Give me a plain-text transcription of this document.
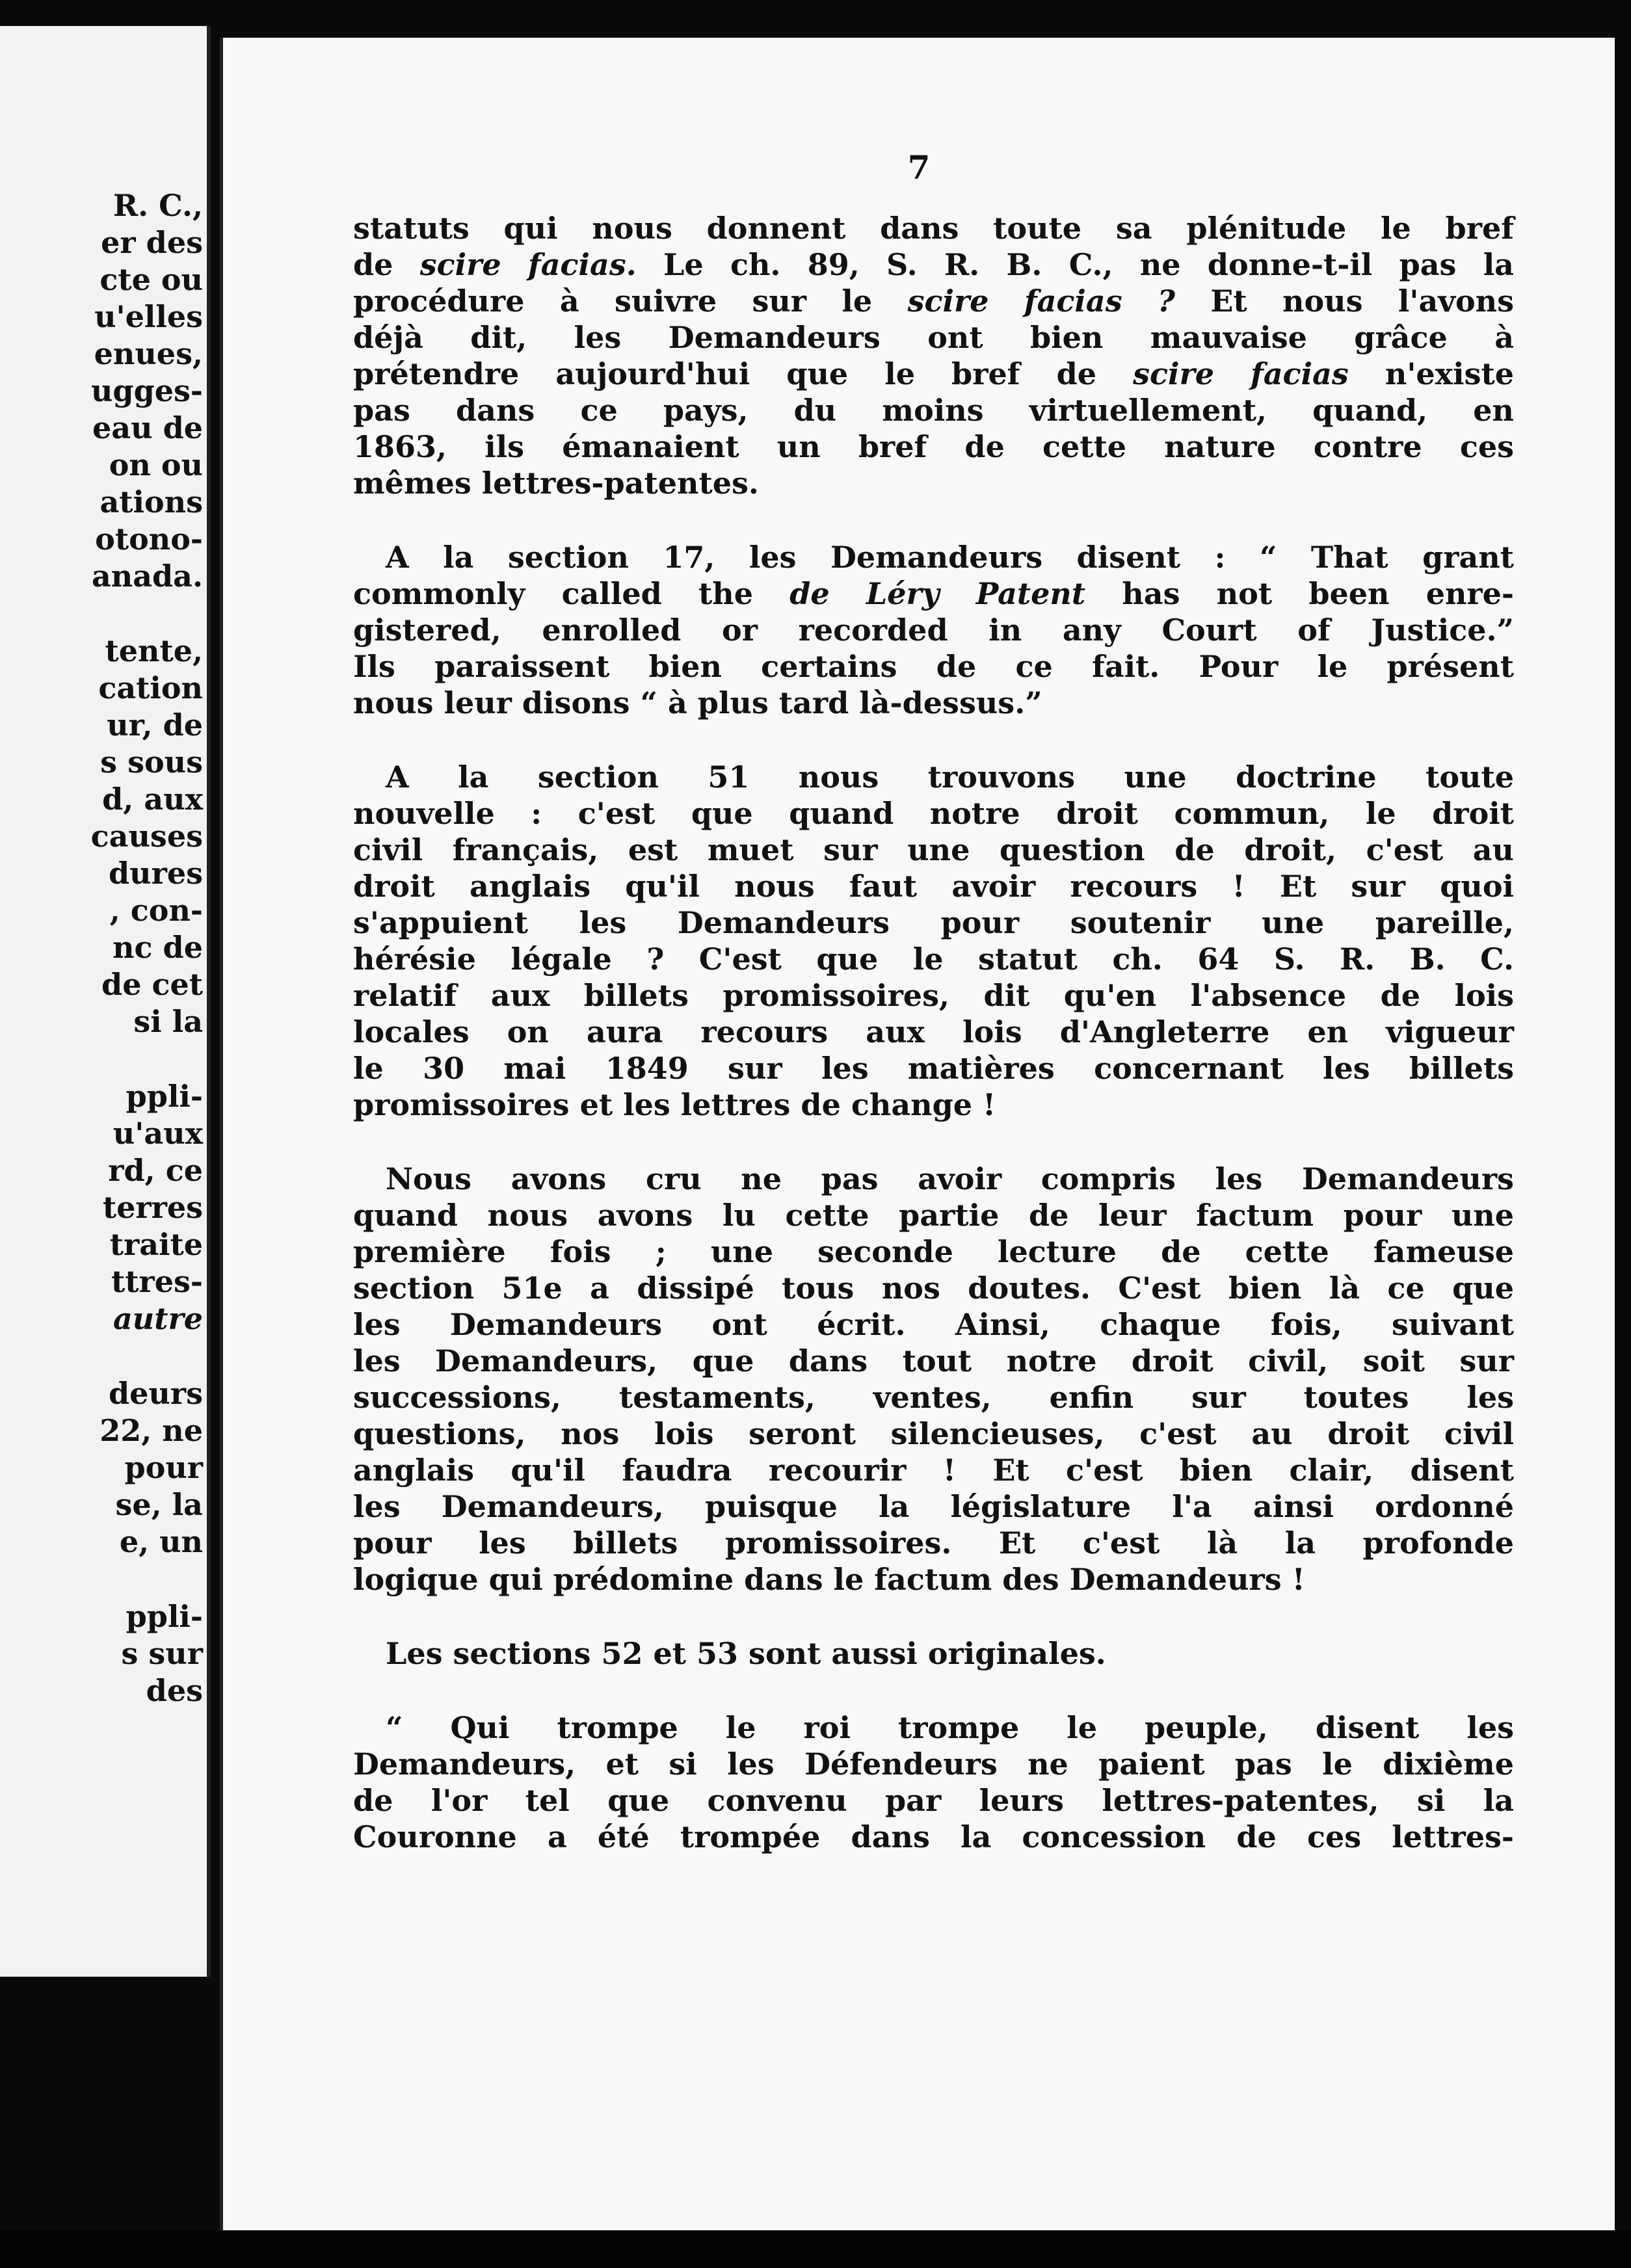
R. C.,
er des
cte ou
u'elles
enues,
ugges-
eau de
on ou
ations
otono-
anada.
tente,
cation
ur, de
s sous
d, aux
causes
dures
, con-
nc de
de cet
si la
ppli-
u'aux
rd, ce
terres
traite
ttres-
autre
deurs
22, ne
pour
se, la
e, un
ppli-
s sur
des
7
statuts qui nous donnent dans toute sa plénitude le bref
de scire facias. Le ch. 89, S. R. B. C., ne donne-t-il pas la
procédure à suivre sur le scire facias ? Et nous l'avons
déjà dit, les Demandeurs ont bien mauvaise grâce à
prétendre aujourd'hui que le bref de scire facias n'existe
pas dans ce pays, du moins virtuellement, quand, en
1863, ils émanaient un bref de cette nature contre ces
mêmes lettres-patentes.
A la section 17, les Demandeurs disent : “ That grant
commonly called the de Léry Patent has not been enre-
gistered, enrolled or recorded in any Court of Justice.”
Ils paraissent bien certains de ce fait. Pour le présent
nous leur disons “ à plus tard là-dessus.”
A la section 51 nous trouvons une doctrine toute
nouvelle : c'est que quand notre droit commun, le droit
civil français, est muet sur une question de droit, c'est au
droit anglais qu'il nous faut avoir recours ! Et sur quoi
s'appuient les Demandeurs pour soutenir une pareille,
hérésie légale ? C'est que le statut ch. 64 S. R. B. C.
relatif aux billets promissoires, dit qu'en l'absence de lois
locales on aura recours aux lois d'Angleterre en vigueur
le 30 mai 1849 sur les matières concernant les billets
promissoires et les lettres de change !
Nous avons cru ne pas avoir compris les Demandeurs
quand nous avons lu cette partie de leur factum pour une
première fois ; une seconde lecture de cette fameuse
section 51e a dissipé tous nos doutes. C'est bien là ce que
les Demandeurs ont écrit. Ainsi, chaque fois, suivant
les Demandeurs, que dans tout notre droit civil, soit sur
successions, testaments, ventes, enfin sur toutes les
questions, nos lois seront silencieuses, c'est au droit civil
anglais qu'il faudra recourir ! Et c'est bien clair, disent
les Demandeurs, puisque la législature l'a ainsi ordonné
pour les billets promissoires. Et c'est là la profonde
logique qui prédomine dans le factum des Demandeurs !
Les sections 52 et 53 sont aussi originales.
“ Qui trompe le roi trompe le peuple, disent les
Demandeurs, et si les Défendeurs ne paient pas le dixième
de l'or tel que convenu par leurs lettres-patentes, si la
Couronne a été trompée dans la concession de ces lettres-
